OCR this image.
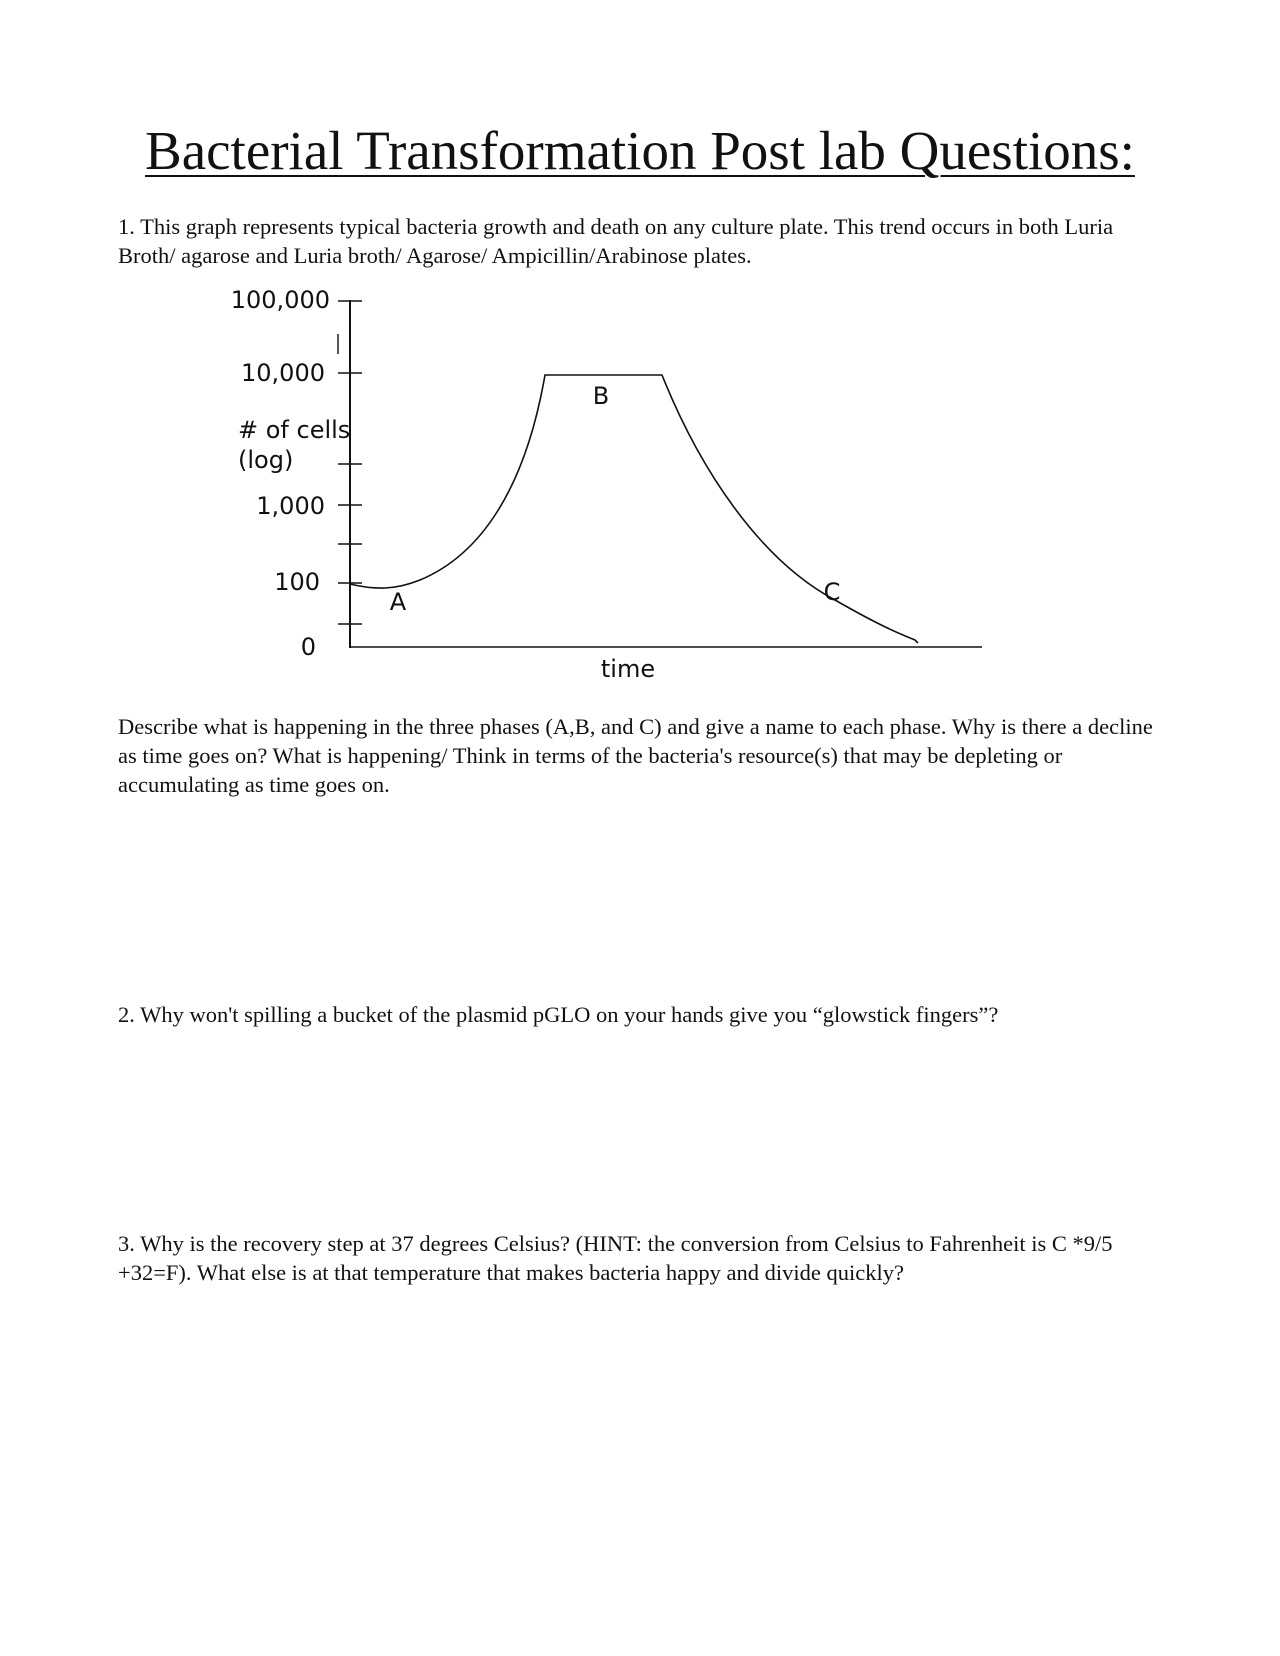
Bacterial Transformation Post lab Questions:

1. This graph represents typical bacteria growth and death on any culture plate. This trend occurs in both Luria Broth/ agarose and Luria broth/ Agarose/ Ampicillin/Arabinose plates.

100,000
10,000
1,000
100
0
# of cells
(log)
time
A
B
C

Describe what is happening in the three phases (A,B, and C) and give a name to each phase. Why is there a decline as time goes on? What is happening/ Think in terms of the bacteria's resource(s) that may be depleting or accumulating as time goes on.

2. Why won't spilling a bucket of the plasmid pGLO on your hands give you “glowstick fingers”?

3. Why is the recovery step at 37 degrees Celsius? (HINT: the conversion from Celsius to Fahrenheit is C *9/5 +32=F). What else is at that temperature that makes bacteria happy and divide quickly?
